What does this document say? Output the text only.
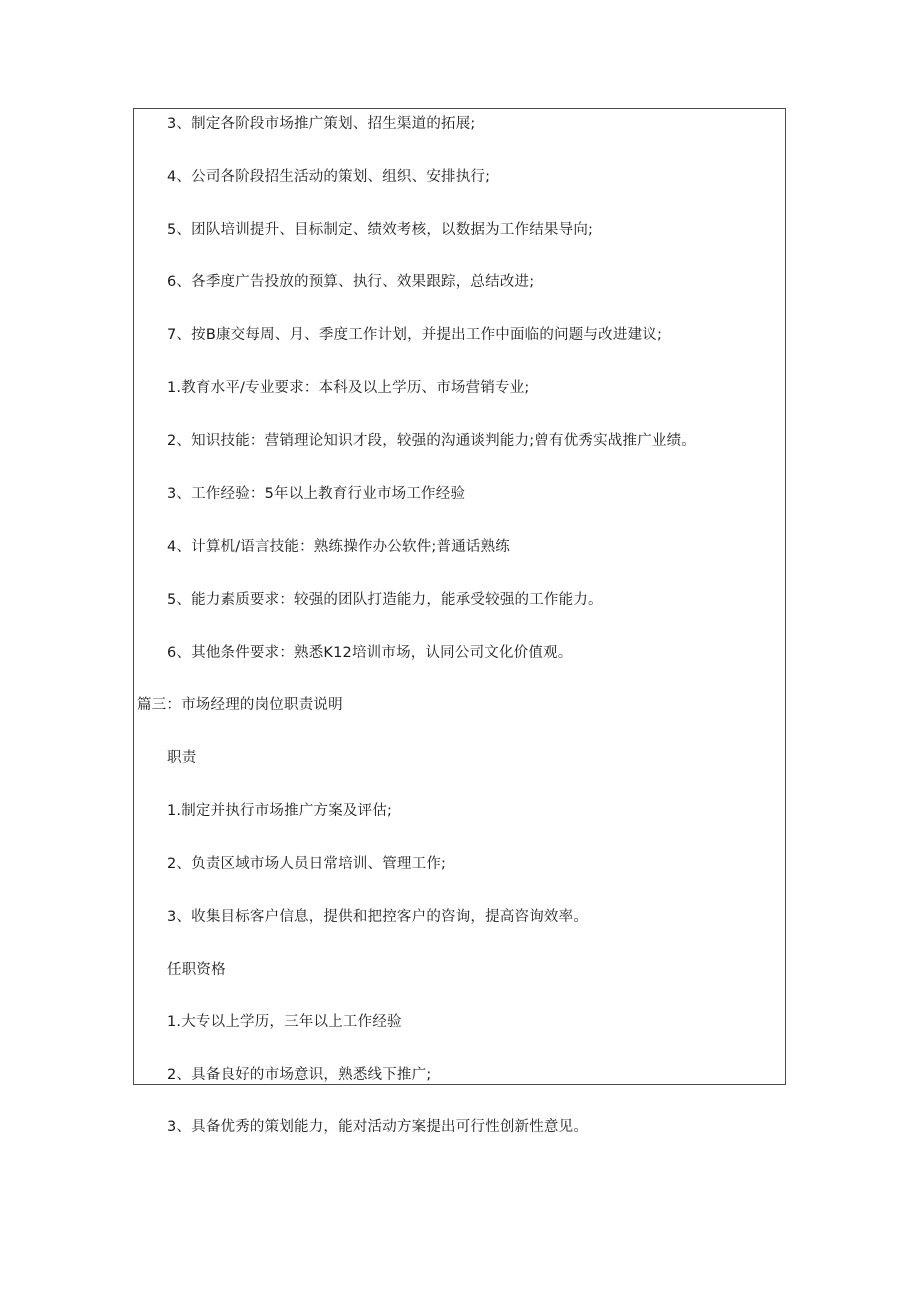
3、制定各阶段市场推广策划、招生渠道的拓展;
4、公司各阶段招生活动的策划、组织、安排执行;
5、团队培训提升、目标制定、绩效考核，以数据为工作结果导向;
6、各季度广告投放的预算、执行、效果跟踪，总结改进;
7、按B康交每周、月、季度工作计划，并提出工作中面临的问题与改进建议;
1.教育水平/专业要求：本科及以上学历、市场营销专业;
2、知识技能：营销理论知识才段，较强的沟通谈判能力;曾有优秀实战推广业绩。
3、工作经验：5年以上教育行业市场工作经验
4、计算机/语言技能：熟练操作办公软件;普通话熟练
5、能力素质要求：较强的团队打造能力，能承受较强的工作能力。
6、其他条件要求：熟悉K12培训市场，认同公司文化价值观。
篇三：市场经理的岗位职责说明
职责
1.制定并执行市场推广方案及评估;
2、负责区域市场人员日常培训、管理工作;
3、收集目标客户信息，提供和把控客户的咨询，提高咨询效率。
任职资格
1.大专以上学历，三年以上工作经验
2、具备良好的市场意识，熟悉线下推广;
3、具备优秀的策划能力，能对活动方案提出可行性创新性意见。
